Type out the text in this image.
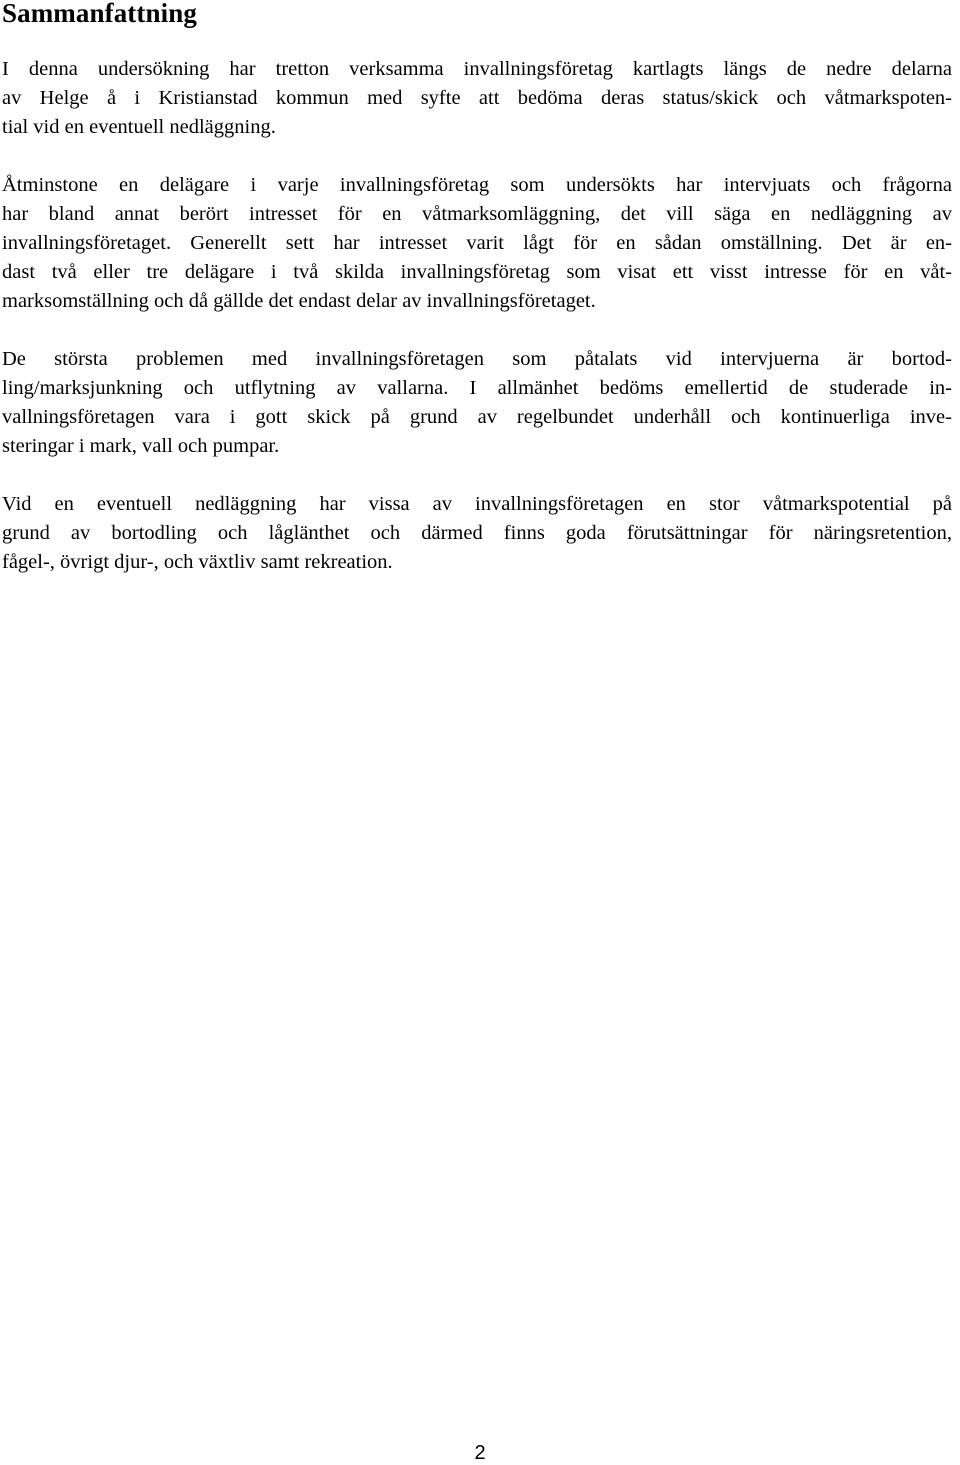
Sammanfattning

I denna undersökning har tretton verksamma invallningsföretag kartlagts längs de nedre delarna
av Helge å i Kristianstad kommun med syfte att bedöma deras status/skick och våtmarkspoten-
tial vid en eventuell nedläggning.

Åtminstone en delägare i varje invallningsföretag som undersökts har intervjuats och frågorna
har bland annat berört intresset för en våtmarksomläggning, det vill säga en nedläggning av
invallningsföretaget. Generellt sett har intresset varit lågt för en sådan omställning. Det är en-
dast två eller tre delägare i två skilda invallningsföretag som visat ett visst intresse för en våt-
marksomställning och då gällde det endast delar av invallningsföretaget.

De största problemen med invallningsföretagen som påtalats vid intervjuerna är bortod-
ling/marksjunkning och utflytning av vallarna. I allmänhet bedöms emellertid de studerade in-
vallningsföretagen vara i gott skick på grund av regelbundet underhåll och kontinuerliga inve-
steringar i mark, vall och pumpar.

Vid en eventuell nedläggning har vissa av invallningsföretagen en stor våtmarkspotential på
grund av bortodling och låglänthet och därmed finns goda förutsättningar för näringsretention,
fågel-, övrigt djur-, och växtliv samt rekreation.

2
